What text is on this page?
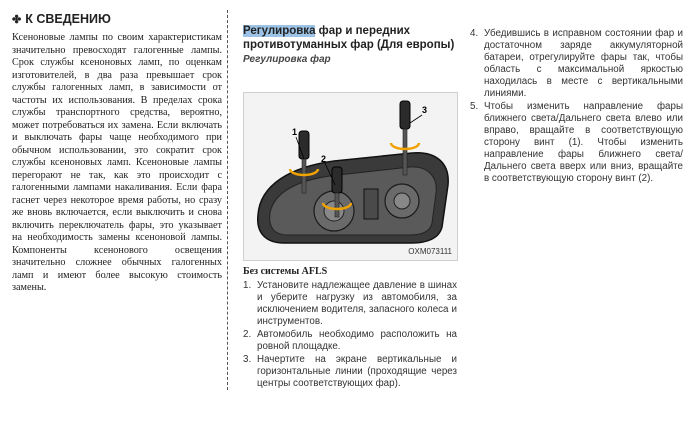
✤ К СВЕДЕНИЮ
Ксеноновые лампы по своим характеристикам значительно превосходят галогенные лампы. Срок службы ксеноновых ламп, по оценкам изготовителей, в два раза превышает срок службы галогенных ламп, в зависимости от частоты их использования. В пределах срока службы транспортного средства, вероятно, может потребоваться их замена. Если включать и выключать фары чаще необходимого при обычном использовании, это сократит срок службы ксеноновых ламп. Ксеноновые лампы перегорают не так, как это происходит с галогенными лампами накаливания. Если фара гаснет через некоторое время работы, но сразу же вновь включается, если выключить и снова включить переключатель фары, это указывает на необходимость замены ксеноновой лампы. Компоненты ксенонового освещения значительно сложнее обычных галогенных ламп и имеют более высокую стоимость замены.
Регулировка фар и передних противотуманных фар (Для европы)
Регулировка фар
1
2
3
OXM073111
Без системы AFLS
1. Установите надлежащее давление в шинах и уберите нагрузку из автомобиля, за исключением водителя, запасного колеса и инструментов.
2. Автомобиль необходимо расположить на ровной площадке.
3. Начертите на экране вертикальные и горизонтальные линии (проходящие через центры соответствующих фар).
4. Убедившись в исправном состоянии фар и достаточном заряде аккумуляторной батареи, отрегулируйте фары так, чтобы область с максимальной яркостью находилась в месте с вертикальными линиями.
5. Чтобы изменить направление фары ближнего света/Дальнего света влево или вправо, вращайте в соответствующую сторону винт (1). Чтобы изменить направление фары ближнего света/Дальнего света вверх или вниз, вращайте в соответствующую сторону винт (2).
